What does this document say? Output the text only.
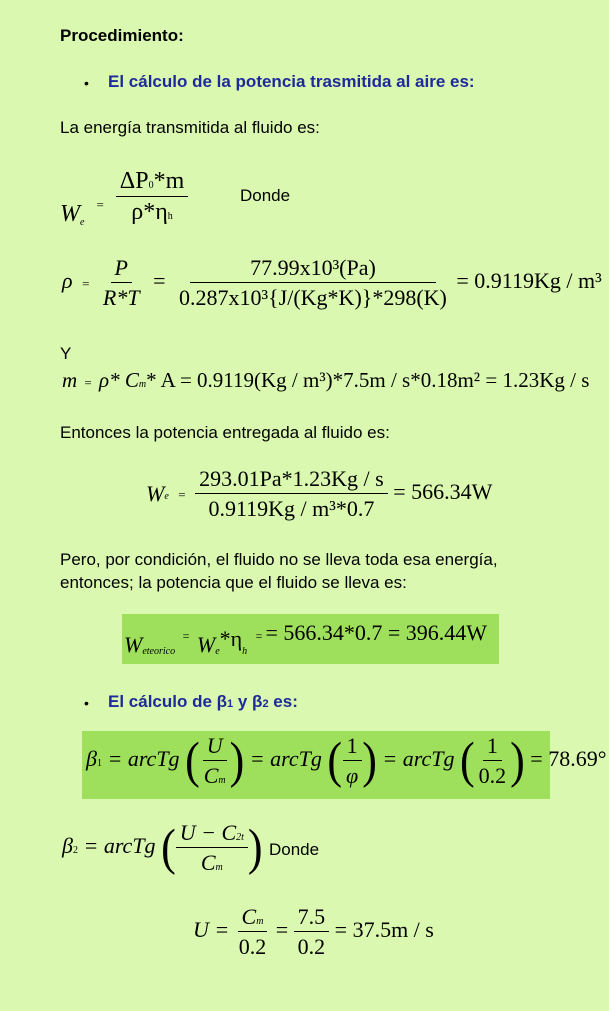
Procedimiento:
• El cálculo de la potencia trasmitida al aire es:
La energía transmitida al fluido es:
$W_e$ $_= \frac{\Delta P0*m}{\rho*\eta h}$	Donde
$\rho = \frac{P}{R*T} = \frac{\text{77.99x10³(Pa)}}{\text{0.287x10³\{J/(Kg*K)\}*298(K)}} = 0.9119Kg / m^3$
Y
m = ρ* Cm* A = 0.9119(Kg / m³)*7.5m / s*0.18m² = 1.23Kg / s
Entonces la potencia entregada al fluido es:
$We = \frac{293.01Pa*1.23Kg / s}{\text{0.9119Kg / m³*0.7}} = 566.34W$
Pero, por condición, el fluido no se lleva toda esa energía,
entonces; la potencia que el fluido se lleva es:
$W_{eteorico} = W_e*\eta_h$ = = 566.34*0.7 = 396.44W
• El cálculo de β1 y β2 es:
β1 = arcTg ( $\frac{U}{Cm}$ ) = arcTg ( $\frac{1}{\varphi}$ ) = arcTg ( $\frac{1}{0.2}$ ) = 78.69°
β2 = arcTg ( $\frac{U - C2t}{Cm}$ ) Donde
$U = \frac{Cm}{0.2} = \frac{7.5}{0.2} = 37.5m / s$
